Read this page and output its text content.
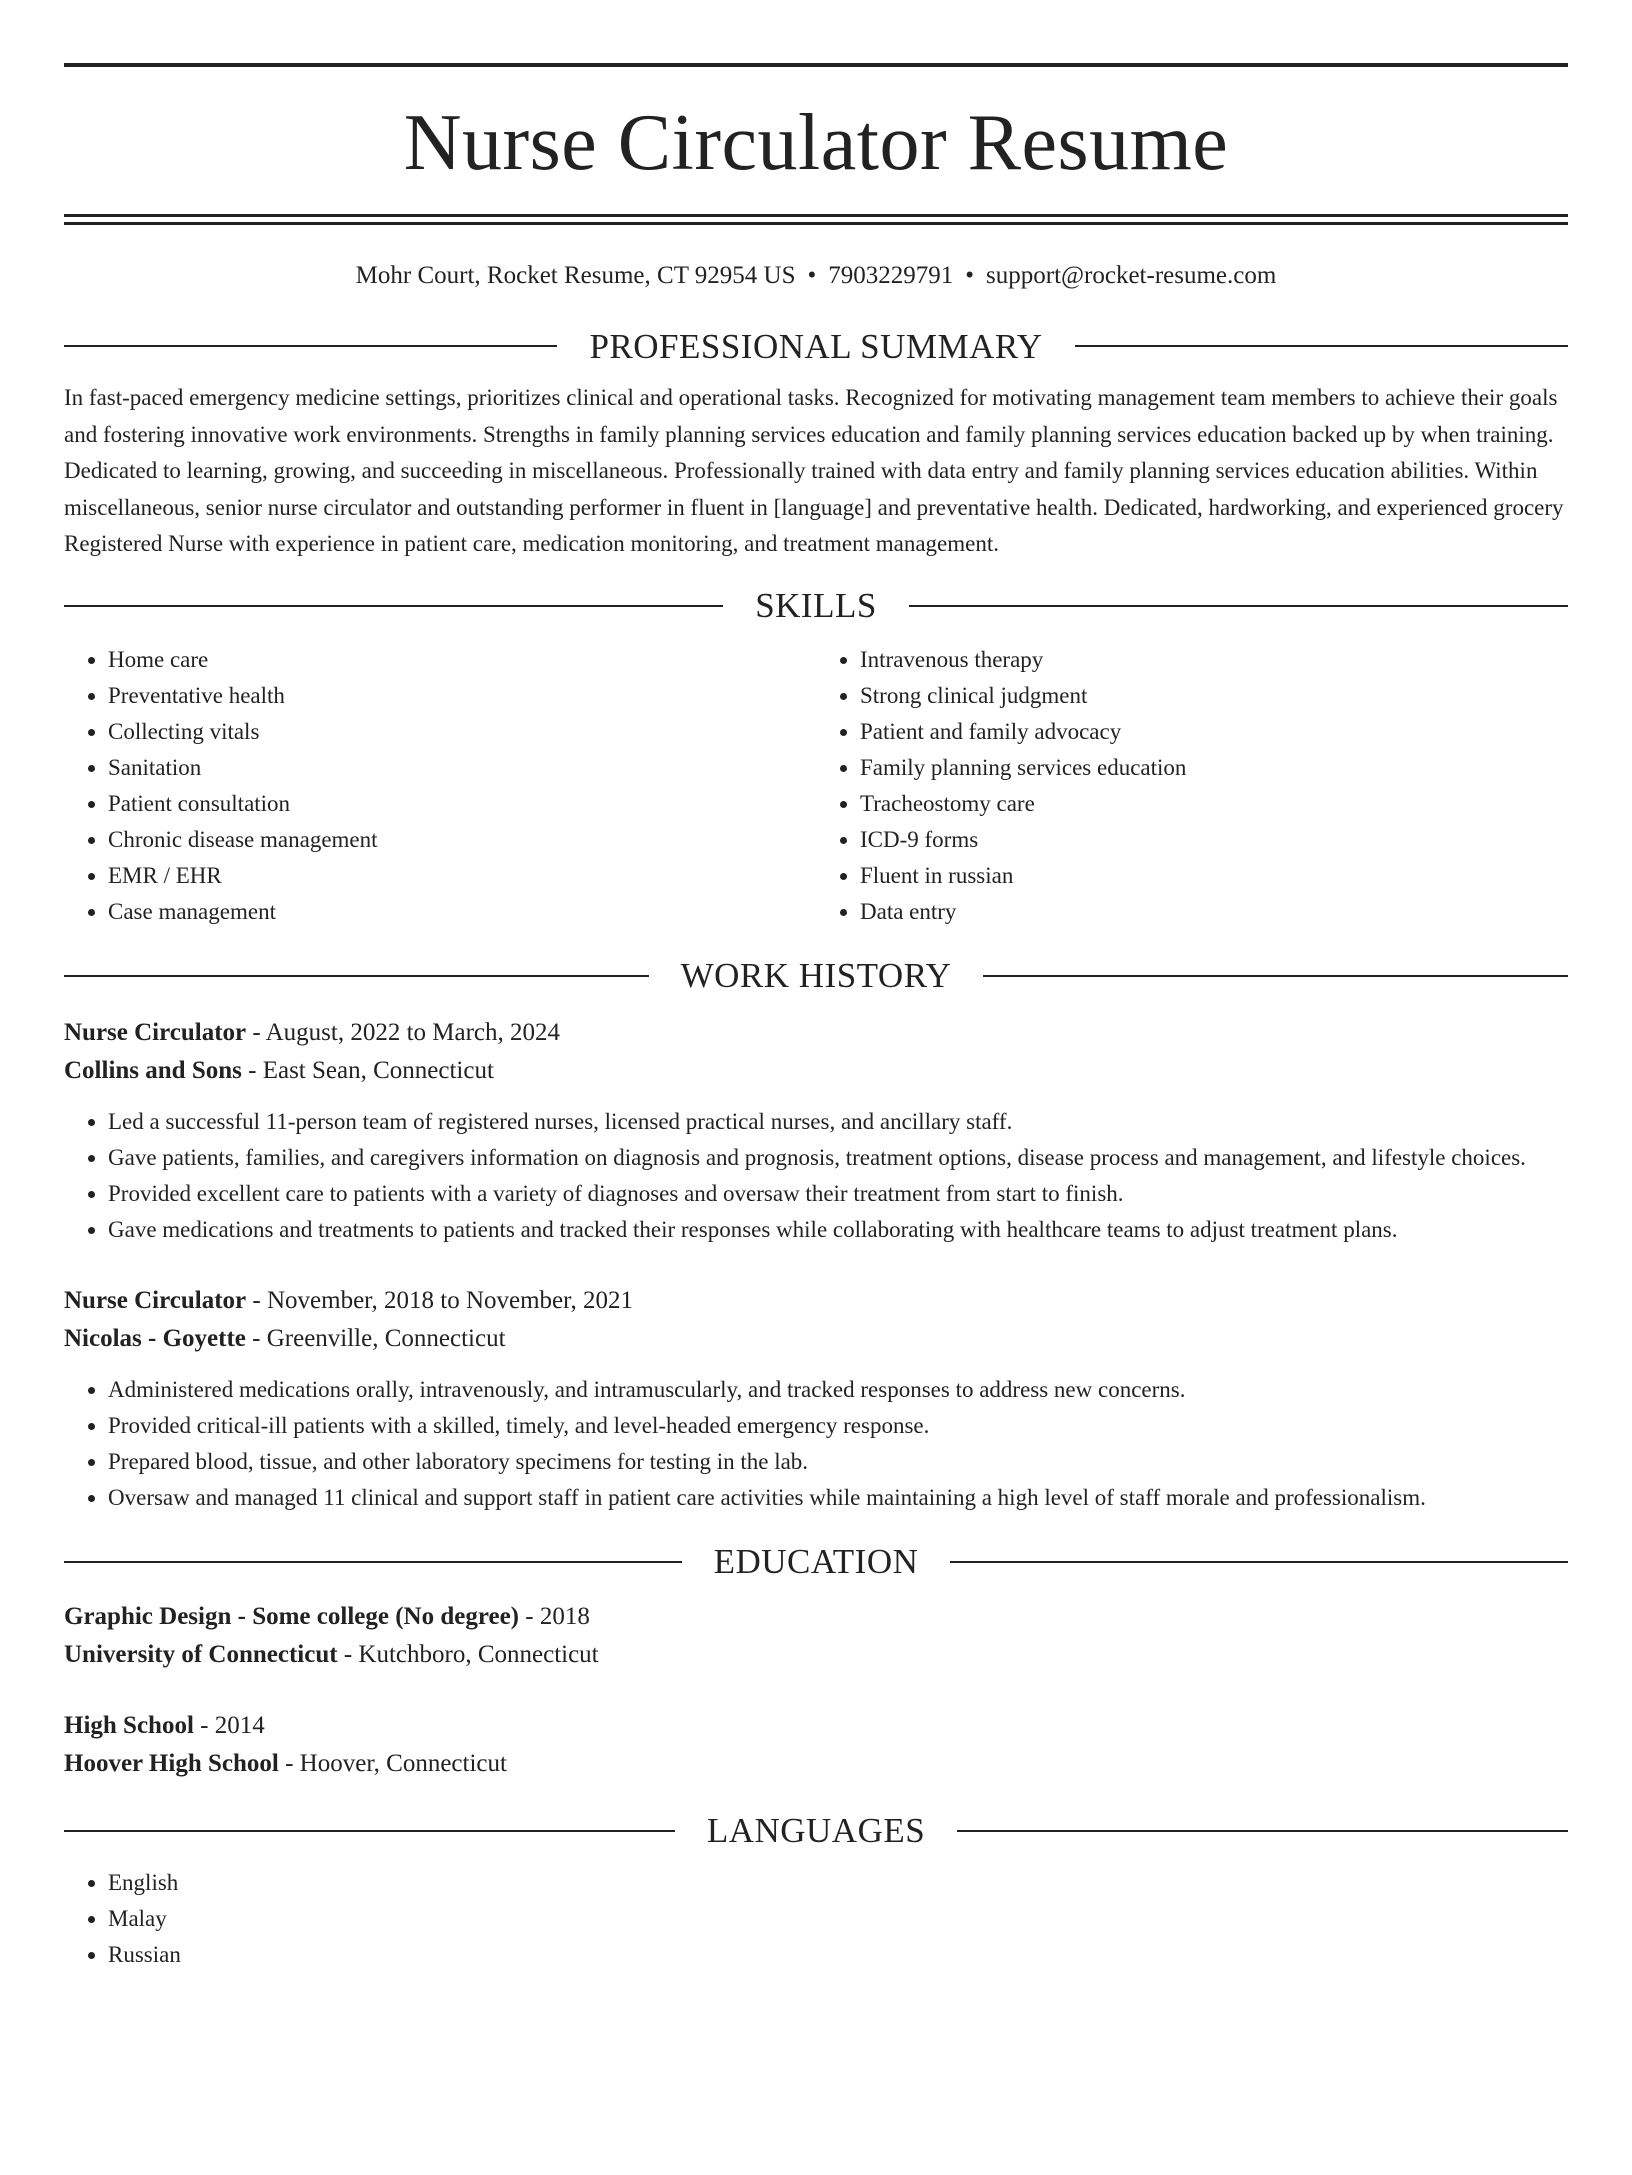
Nurse Circulator Resume
Mohr Court, Rocket Resume, CT 92954 US • 7903229791 • support@rocket-resume.com
PROFESSIONAL SUMMARY

In fast-paced emergency medicine settings, prioritizes clinical and operational tasks. Recognized for motivating management team members to achieve their goals and fostering innovative work environments. Strengths in family planning services education and family planning services education backed up by when training. Dedicated to learning, growing, and succeeding in miscellaneous. Professionally trained with data entry and family planning services education abilities. Within miscellaneous, senior nurse circulator and outstanding performer in fluent in [language] and preventative health. Dedicated, hardworking, and experienced grocery Registered Nurse with experience in patient care, medication monitoring, and treatment management.

SKILLS
• Home care
• Preventative health
• Collecting vitals
• Sanitation
• Patient consultation
• Chronic disease management
• EMR / EHR
• Case management
• Intravenous therapy
• Strong clinical judgment
• Patient and family advocacy
• Family planning services education
• Tracheostomy care
• ICD-9 forms
• Fluent in russian
• Data entry
WORK HISTORY
Nurse Circulator - August, 2022 to March, 2024
Collins and Sons - East Sean, Connecticut
• Led a successful 11-person team of registered nurses, licensed practical nurses, and ancillary staff.
• Gave patients, families, and caregivers information on diagnosis and prognosis, treatment options, disease process and management, and lifestyle choices.
• Provided excellent care to patients with a variety of diagnoses and oversaw their treatment from start to finish.
• Gave medications and treatments to patients and tracked their responses while collaborating with healthcare teams to adjust treatment plans.
Nurse Circulator - November, 2018 to November, 2021
Nicolas - Goyette - Greenville, Connecticut
• Administered medications orally, intravenously, and intramuscularly, and tracked responses to address new concerns.
• Provided critical-ill patients with a skilled, timely, and level-headed emergency response.
• Prepared blood, tissue, and other laboratory specimens for testing in the lab.
• Oversaw and managed 11 clinical and support staff in patient care activities while maintaining a high level of staff morale and professionalism.
EDUCATION
Graphic Design - Some college (No degree) - 2018
University of Connecticut - Kutchboro, Connecticut
High School - 2014
Hoover High School - Hoover, Connecticut
LANGUAGES
• English
• Malay
• Russian
